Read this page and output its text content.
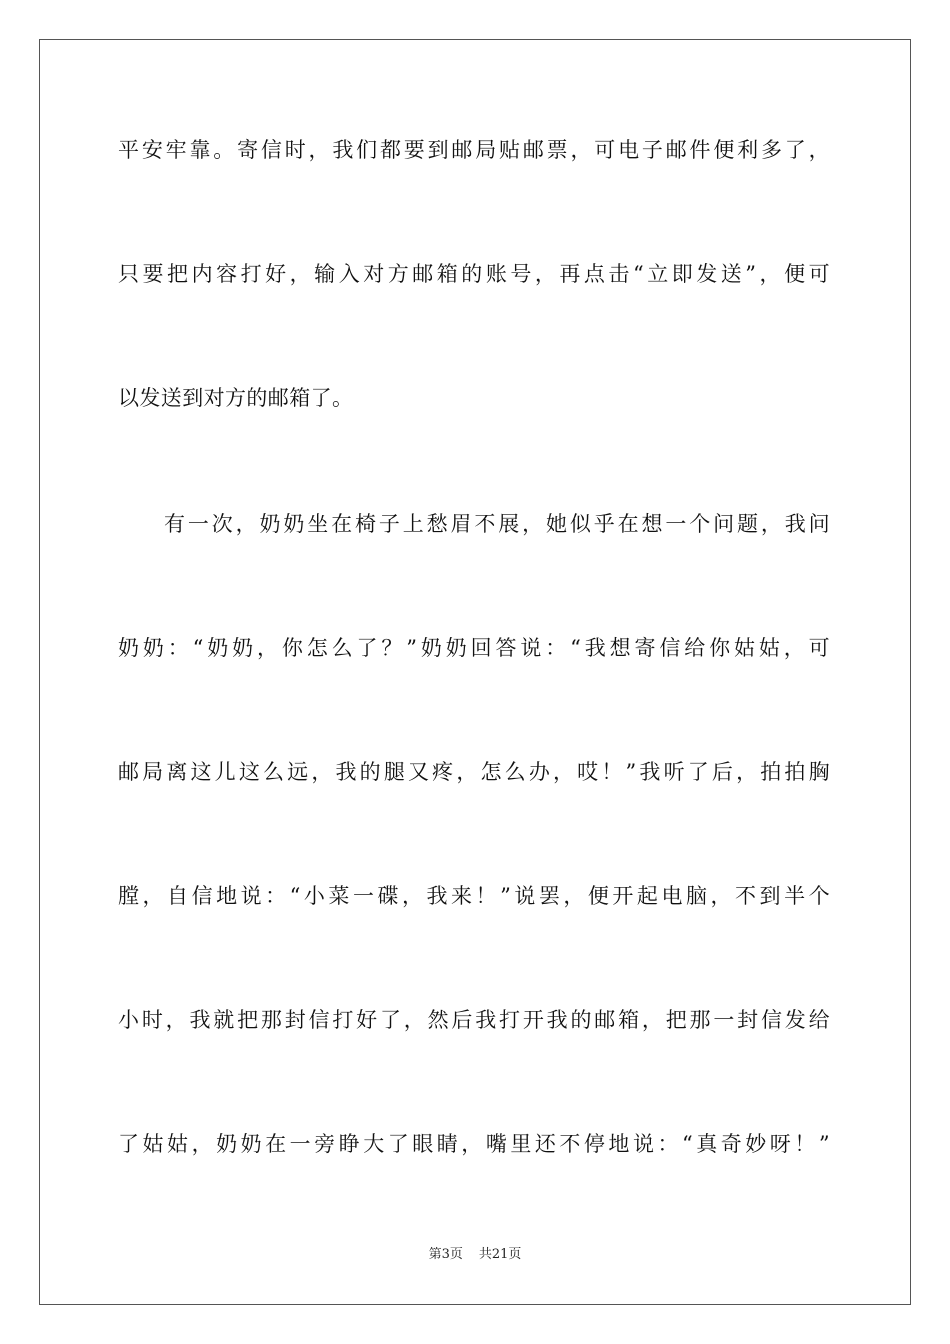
平安牢靠。寄信时，我们都要到邮局贴邮票，可电子邮件便利多了，
只要把内容打好，输入对方邮箱的账号，再点击“立即发送”，便可
以发送到对方的邮箱了。
有一次，奶奶坐在椅子上愁眉不展，她似乎在想一个问题，我问
奶奶：“奶奶，你怎么了？”奶奶回答说：“我想寄信给你姑姑，可
邮局离这儿这么远，我的腿又疼，怎么办，哎！”我听了后，拍拍胸
膛，自信地说：“小菜一碟，我来！”说罢，便开起电脑，不到半个
小时，我就把那封信打好了，然后我打开我的邮箱，把那一封信发给
了姑姑，奶奶在一旁睁大了眼睛，嘴里还不停地说：“真奇妙呀！”
第3页 共21页
